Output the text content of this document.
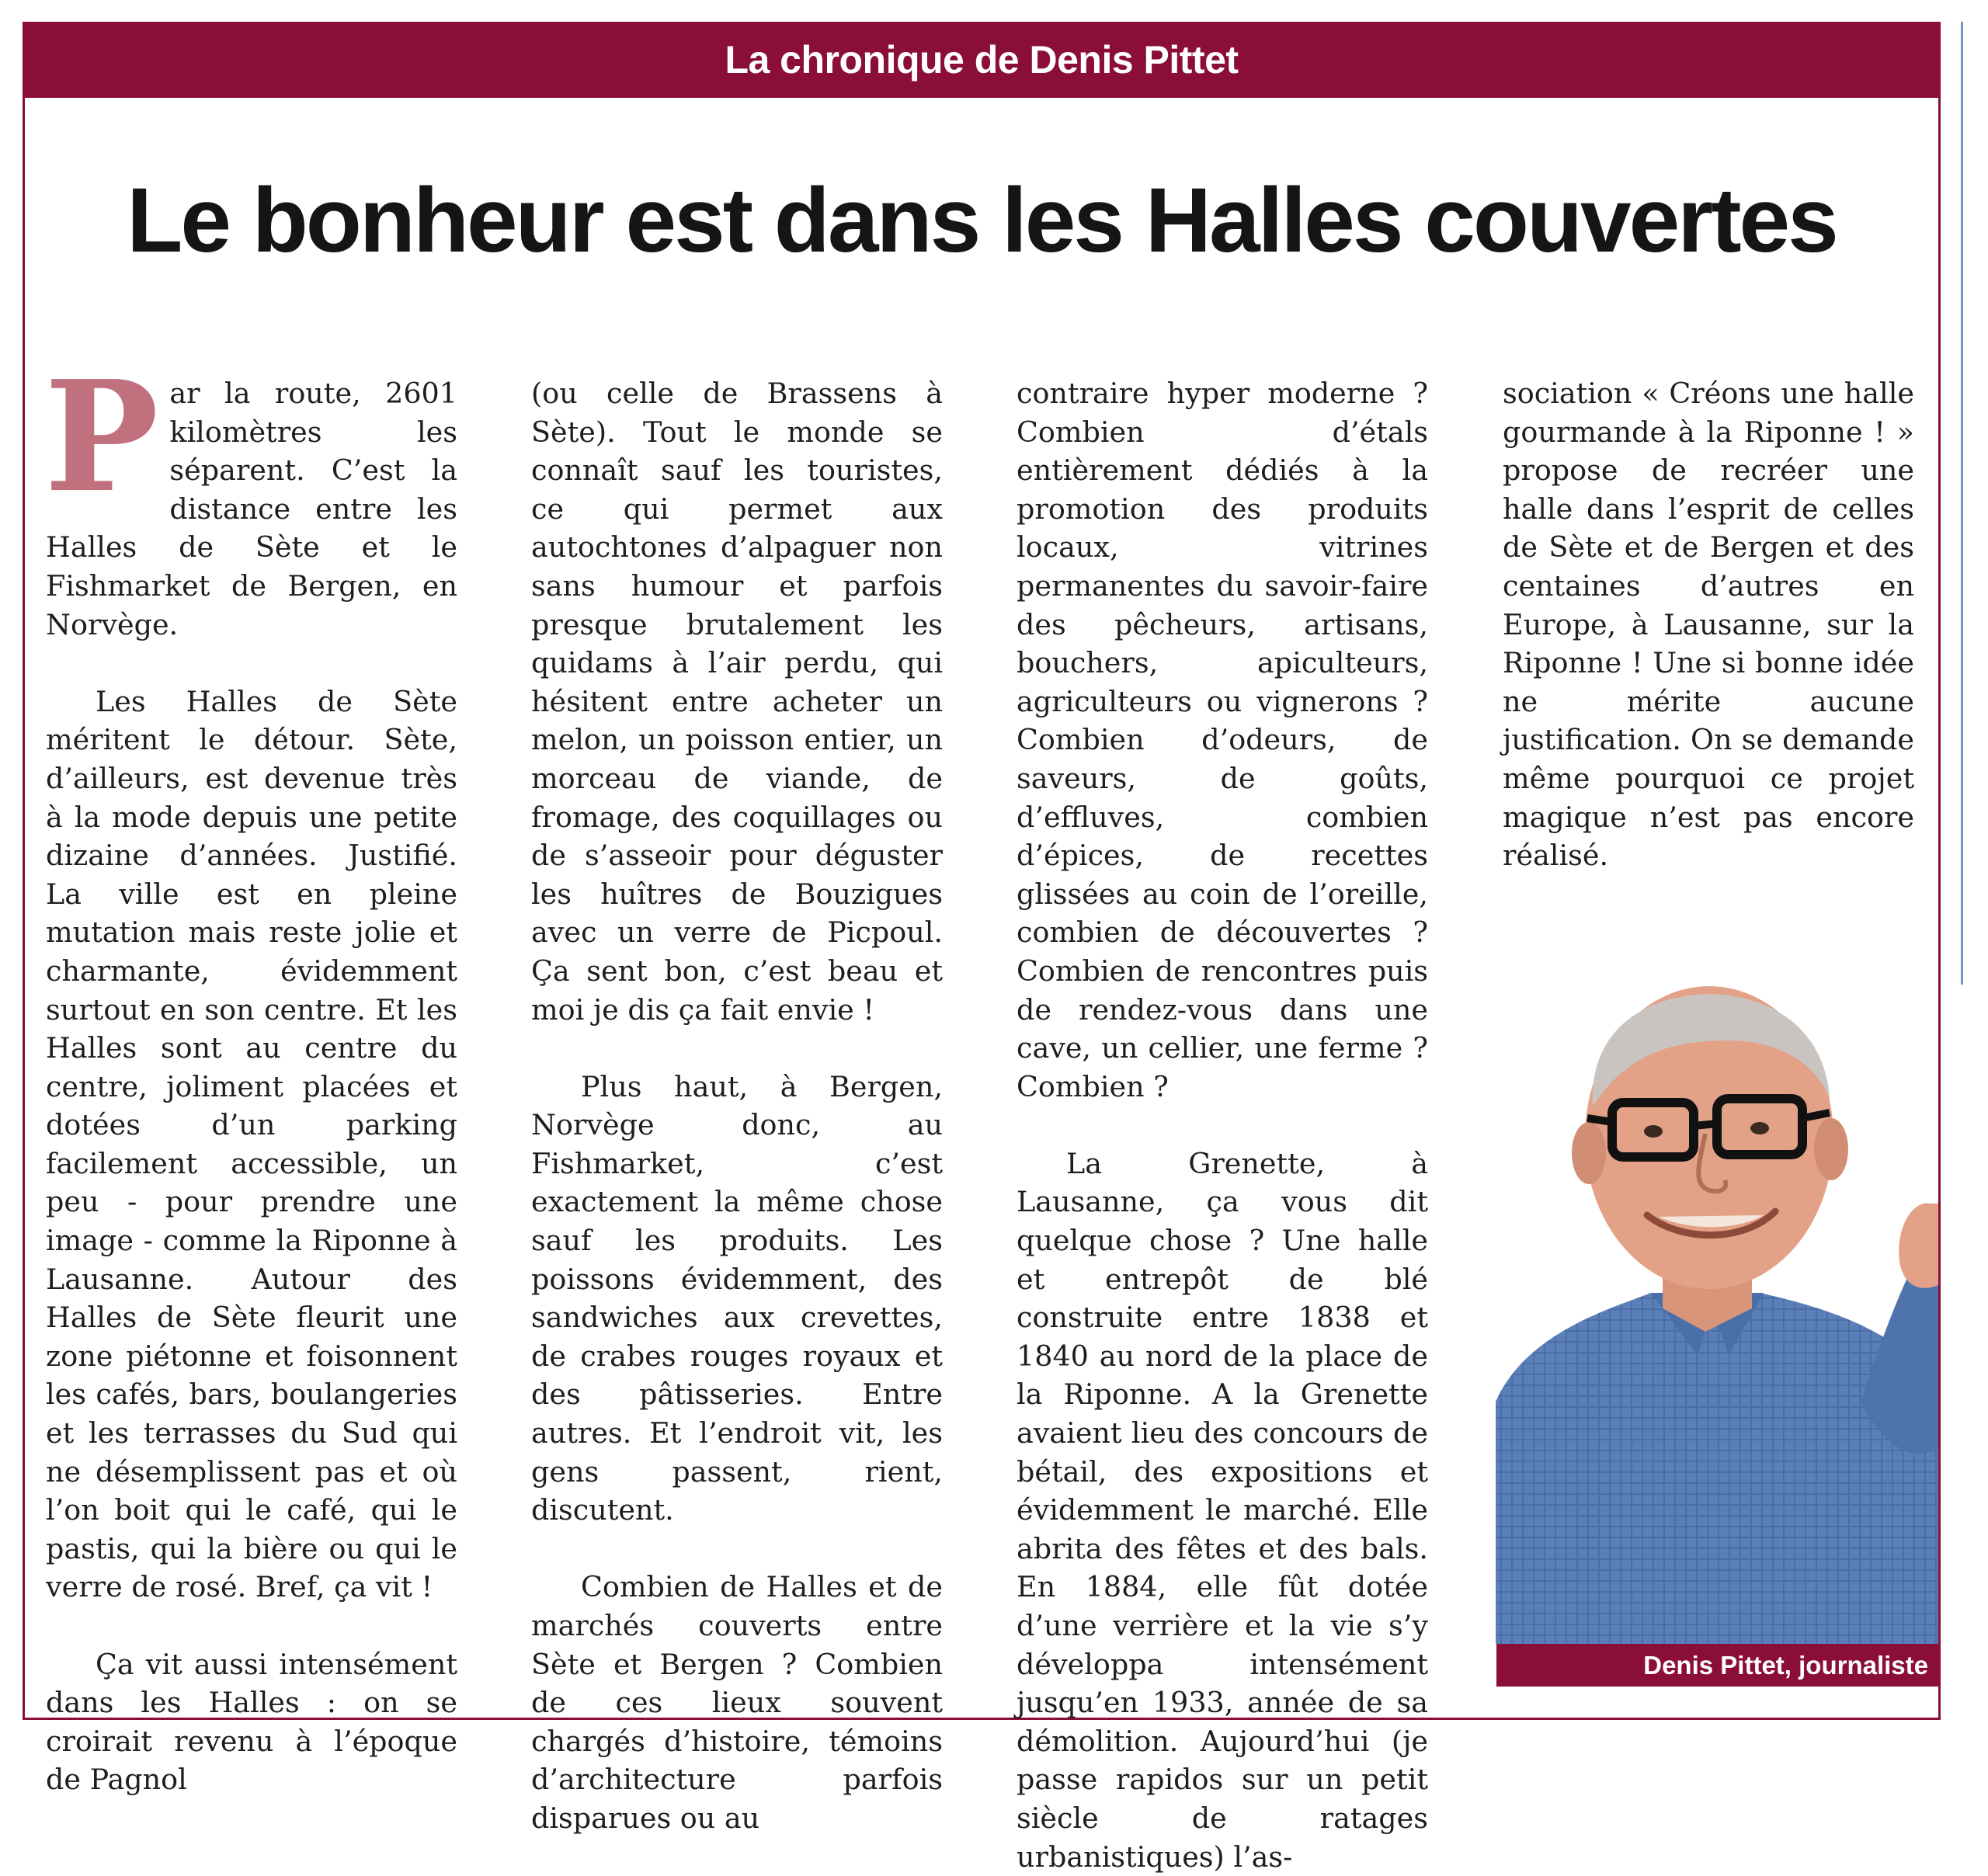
La chronique de Denis Pittet
Le bonheur est dans les Halles couvertes

Par la route, 2601 kilomètres les séparent. C’est la distance entre les Halles de Sète et le Fishmarket de Bergen, en Norvège.

Les Halles de Sète méritent le détour. Sète, d’ailleurs, est devenue très à la mode depuis une petite dizaine d’années. Justifié. La ville est en pleine mutation mais reste jolie et charmante, évidemment surtout en son centre. Et les Halles sont au centre du centre, joliment placées et dotées d’un parking facilement accessible, un peu - pour prendre une image - comme la Riponne à Lausanne. Autour des Halles de Sète fleurit une zone piétonne et foisonnent les cafés, bars, boulangeries et les terrasses du Sud qui ne désemplissent pas et où l’on boit qui le café, qui le pastis, qui la bière ou qui le verre de rosé. Bref, ça vit !

Ça vit aussi intensément dans les Halles : on se croirait revenu à l’époque de Pagnol

(ou celle de Brassens à Sète). Tout le monde se connaît sauf les touristes, ce qui permet aux autochtones d’alpaguer non sans humour et parfois presque brutalement les quidams à l’air perdu, qui hésitent entre acheter un melon, un poisson entier, un morceau de viande, de fromage, des coquillages ou de s’asseoir pour déguster les huîtres de Bouzigues avec un verre de Picpoul. Ça sent bon, c’est beau et moi je dis ça fait envie !

Plus haut, à Bergen, Norvège donc, au Fishmarket, c’est exactement la même chose sauf les produits. Les poissons évidemment, des sandwiches aux crevettes, de crabes rouges royaux et des pâtisseries. Entre autres. Et l’endroit vit, les gens passent, rient, discutent.

Combien de Halles et de marchés couverts entre Sète et Bergen ? Combien de ces lieux souvent chargés d’histoire, témoins d’architecture parfois disparues ou au

contraire hyper moderne ? Combien d’étals entièrement dédiés à la promotion des produits locaux, vitrines permanentes du savoir-faire des pêcheurs, artisans, bouchers, apiculteurs, agriculteurs ou vignerons ? Combien d’odeurs, de saveurs, de goûts, d’effluves, combien d’épices, de recettes glissées au coin de l’oreille, combien de découvertes ? Combien de rencontres puis de rendez-vous dans une cave, un cellier, une ferme ? Combien ?

La Grenette, à Lausanne, ça vous dit quelque chose ? Une halle et entrepôt de blé construite entre 1838 et 1840 au nord de la place de la Riponne. A la Grenette avaient lieu des concours de bétail, des expositions et évidemment le marché. Elle abrita des fêtes et des bals. En 1884, elle fût dotée d’une verrière et la vie s’y développa intensément jusqu’en 1933, année de sa démolition. Aujourd’hui (je passe rapidos sur un petit siècle de ratages urbanistiques) l’as-

sociation « Créons une halle gourmande à la Riponne ! » propose de recréer une halle dans l’esprit de celles de Sète et de Bergen et des centaines d’autres en Europe, à Lausanne, sur la Riponne ! Une si bonne idée ne mérite aucune justification. On se demande même pourquoi ce projet magique n’est pas encore réalisé.

Denis Pittet, journaliste
